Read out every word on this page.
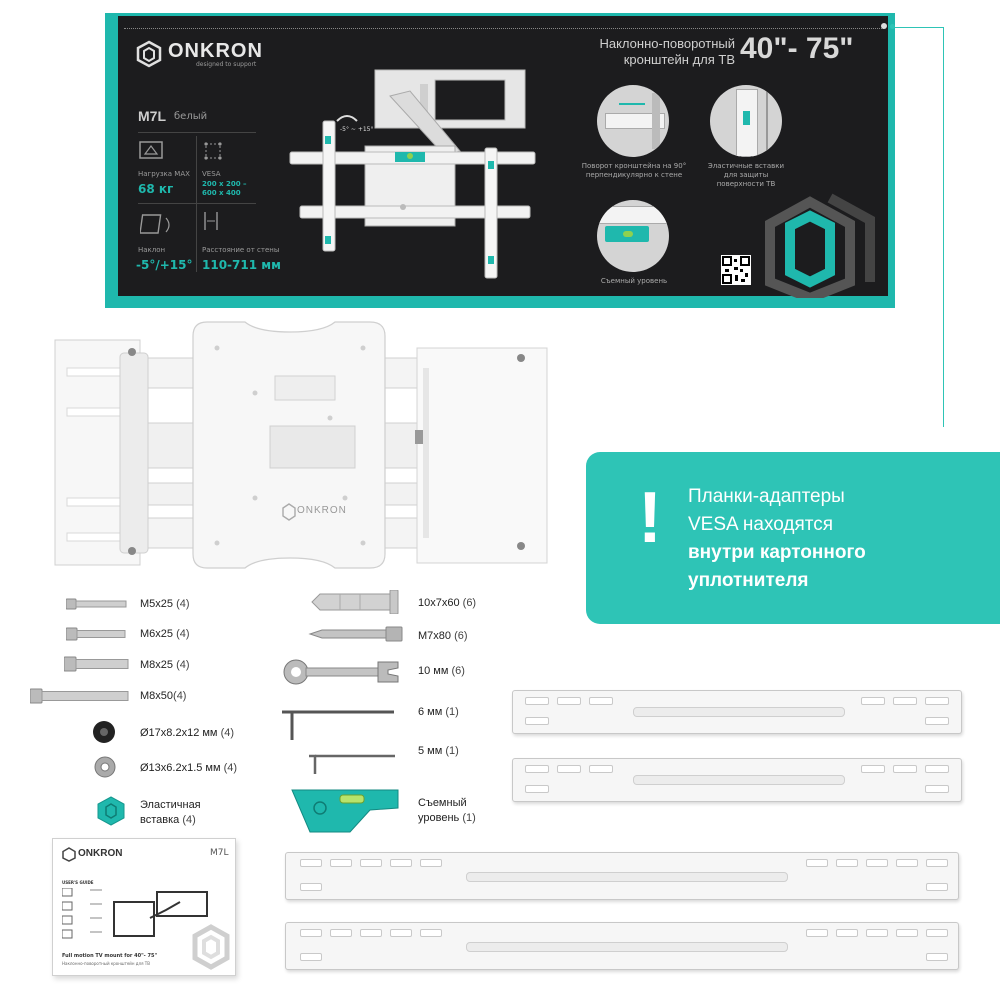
ONKRON
designed to support
M7L белый
Нагрузка MAX
68 кг
VESA
200 x 200 –
600 x 400
Наклон
-5°/+15°
Расстояние от стены
110-711 мм
-5° ~ +15°
Наклонно-поворотный
кронштейн для ТВ 40"- 75"
Поворот кронштейна на 90°
перпендикулярно к стене
Эластичные вставки
для защиты
поверхности ТВ
Съемный уровень
ONKRON	! Планки-адаптеры
VESA находятся
внутри картонного
уплотнителя
M5x25 (4)
M6x25 (4)
M8x25 (4)
M8x50(4)
Ø17x8.2x12 мм (4)
Ø13x6.2x1.5 мм (4)
Эластичная
вставка (4)
10x7x60 (6)
M7x80 (6)
10 мм (6)
6 мм (1)
5 мм (1)
Съемный
уровень (1)
ONKRON	M7L
USER'S GUIDE
Full motion TV mount for 40"- 75"
Наклонно-поворотный кронштейн для ТВ
